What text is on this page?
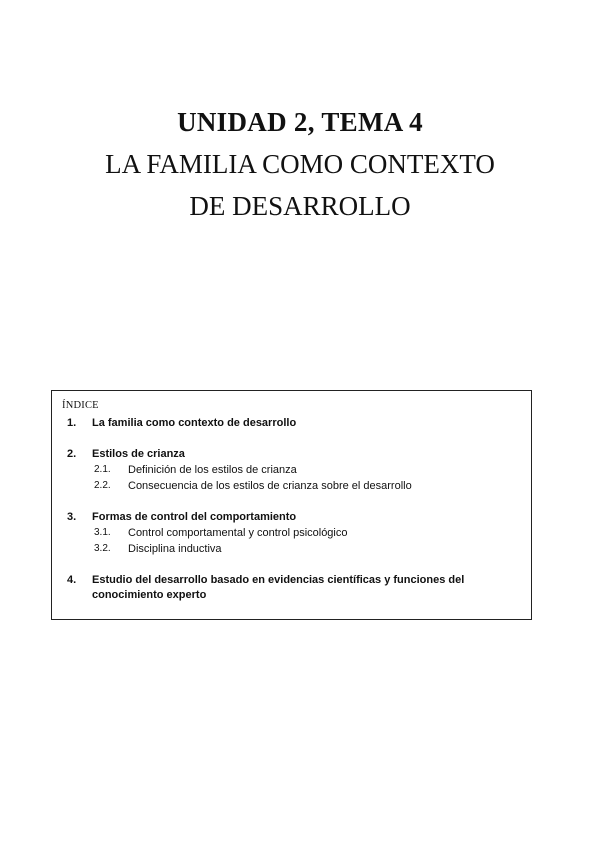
UNIDAD 2, TEMA 4

LA FAMILIA COMO CONTEXTO

DE DESARROLLO

ÍNDICE

1.	La familia como contexto de desarrollo
2.	Estilos de crianza
2.1.	Definición de los estilos de crianza
2.2.	Consecuencia de los estilos de crianza sobre el desarrollo
3.	Formas de control del comportamiento
3.1.	Control comportamental y control psicológico
3.2.	Disciplina inductiva
4.	Estudio del desarrollo basado en evidencias científicas y funciones del conocimiento experto
